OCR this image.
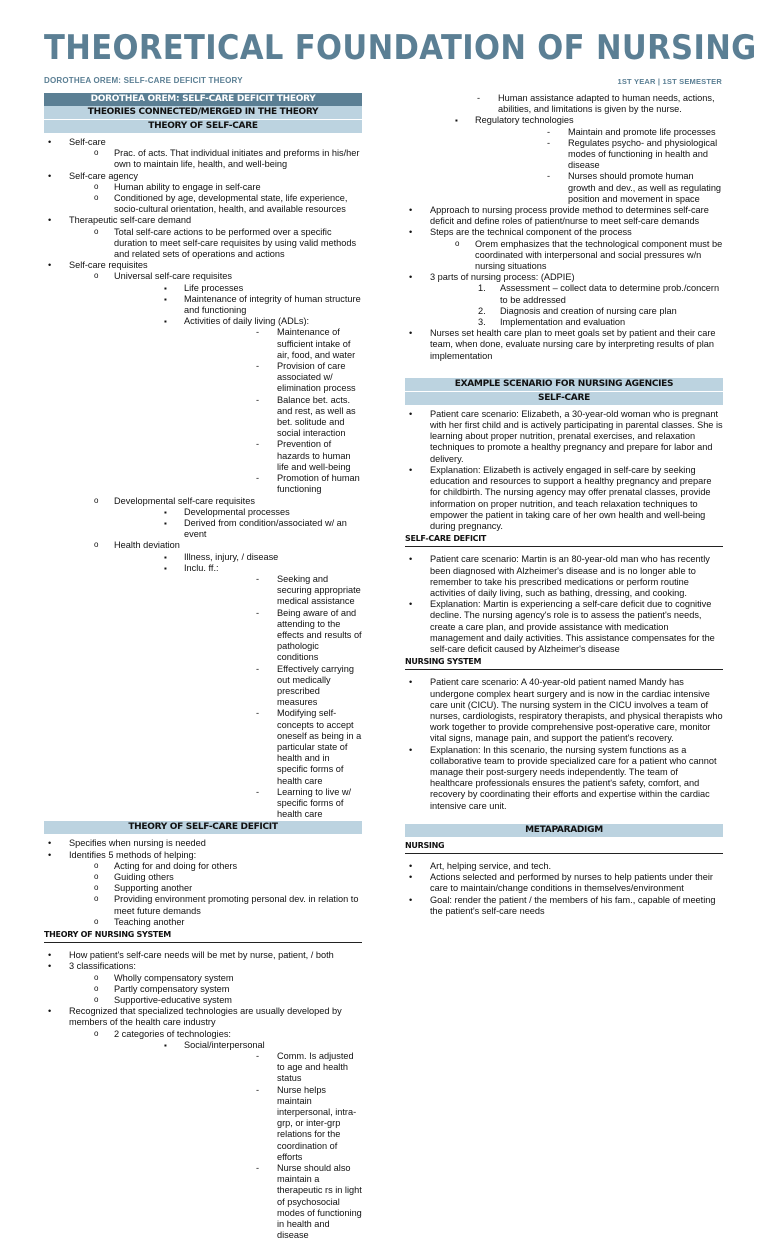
THEORETICAL FOUNDATION OF NURSING
DOROTHEA OREM: SELF-CARE DEFICIT THEORY	1ST YEAR | 1ST SEMESTER
DOROTHEA OREM: SELF-CARE DEFICIT THEORY
THEORIES CONNECTED/MERGED IN THE THEORY
THEORY OF SELF-CARE
• Self-care
o Prac. of acts. That individual initiates and preforms in his/her own to maintain life, health, and well-being
• Self-care agency
o Human ability to engage in self-care
o Conditioned by age, developmental state, life experience, socio-cultural orientation, health, and available resources
• Therapeutic self-care demand
o Total self-care actions to be performed over a specific duration to meet self-care requisites by using valid methods and related sets of operations and actions
• Self-care requisites
o Universal self-care requisites
▪ Life processes
▪ Maintenance of integrity of human structure and functioning
▪ Activities of daily living (ADLs):
- Maintenance of sufficient intake of air, food, and water
- Provision of care associated w/ elimination process
- Balance bet. acts. and rest, as well as bet. solitude and social interaction
- Prevention of hazards to human life and well-being
- Promotion of human functioning
o Developmental self-care requisites
▪ Developmental processes
▪ Derived from condition/associated w/ an event
o Health deviation
▪ Illness, injury, / disease
▪ Inclu. ff.:
- Seeking and securing appropriate medical assistance
- Being aware of and attending to the effects and results of pathologic conditions
- Effectively carrying out medically prescribed measures
- Modifying self-concepts to accept oneself as being in a particular state of health and in specific forms of health care
- Learning to live w/ specific forms of health care
THEORY OF SELF-CARE DEFICIT
• Specifies when nursing is needed
• Identifies 5 methods of helping:
o Acting for and doing for others
o Guiding others
o Supporting another
o Providing environment promoting personal dev. in relation to meet future demands
o Teaching another
THEORY OF NURSING SYSTEM
• How patient's self-care needs will be met by nurse, patient, / both
• 3 classifications:
o Wholly compensatory system
o Partly compensatory system
o Supportive-educative system
• Recognized that specialized technologies are usually developed by members of the health care industry
o 2 categories of technologies:
▪ Social/interpersonal
- Comm. Is adjusted to age and health status
- Nurse helps maintain interpersonal, intra-grp, or inter-grp relations for the coordination of efforts
- Nurse should also maintain a therapeutic rs in light of psychosocial modes of functioning in health and disease
- Human assistance adapted to human needs, actions, abilities, and limitations is given by the nurse.
▪ Regulatory technologies
- Maintain and promote life processes
- Regulates psycho- and physiological modes of functioning in health and disease
- Nurses should promote human growth and dev., as well as regulating position and movement in space
• Approach to nursing process provide method to determines self-care deficit and define roles of patient/nurse to meet self-care demands
• Steps are the technical component of the process
o Orem emphasizes that the technological component must be coordinated with interpersonal and social pressures w/n nursing situations
• 3 parts of nursing process: (ADPIE)
1. Assessment – collect data to determine prob./concern to be addressed
2. Diagnosis and creation of nursing care plan
3. Implementation and evaluation
• Nurses set health care plan to meet goals set by patient and their care team, when done, evaluate nursing care by interpreting results of plan implementation
EXAMPLE SCENARIO FOR NURSING AGENCIES
SELF-CARE
• Patient care scenario: Elizabeth, a 30-year-old woman who is pregnant with her first child and is actively participating in parental classes. She is learning about proper nutrition, prenatal exercises, and relaxation techniques to promote a healthy pregnancy and prepare for labor and delivery.
• Explanation: Elizabeth is actively engaged in self-care by seeking education and resources to support a healthy pregnancy and prepare for childbirth. The nursing agency may offer prenatal classes, provide information on proper nutrition, and teach relaxation techniques to empower the patient in taking care of her own health and well-being during pregnancy.
SELF-CARE DEFICIT
• Patient care scenario: Martin is an 80-year-old man who has recently been diagnosed with Alzheimer's disease and is no longer able to remember to take his prescribed medications or perform routine activities of daily living, such as bathing, dressing, and cooking.
• Explanation: Martin is experiencing a self-care deficit due to cognitive decline. The nursing agency's role is to assess the patient's needs, create a care plan, and provide assistance with medication management and daily activities. This assistance compensates for the self-care deficit caused by Alzheimer's disease
NURSING SYSTEM
• Patient care scenario: A 40-year-old patient named Mandy has undergone complex heart surgery and is now in the cardiac intensive care unit (CICU). The nursing system in the CICU involves a team of nurses, cardiologists, respiratory therapists, and physical therapists who work together to provide comprehensive post-operative care, monitor vital signs, manage pain, and support the patient's recovery.
• Explanation: In this scenario, the nursing system functions as a collaborative team to provide specialized care for a patient who cannot manage their post-surgery needs independently. The team of healthcare professionals ensures the patient's safety, comfort, and recovery by coordinating their efforts and expertise within the cardiac intensive care unit.
METAPARADIGM
NURSING
• Art, helping service, and tech.
• Actions selected and performed by nurses to help patients under their care to maintain/change conditions in themselves/environment
• Goal: render the patient / the members of his fam., capable of meeting the patient's self-care needs
